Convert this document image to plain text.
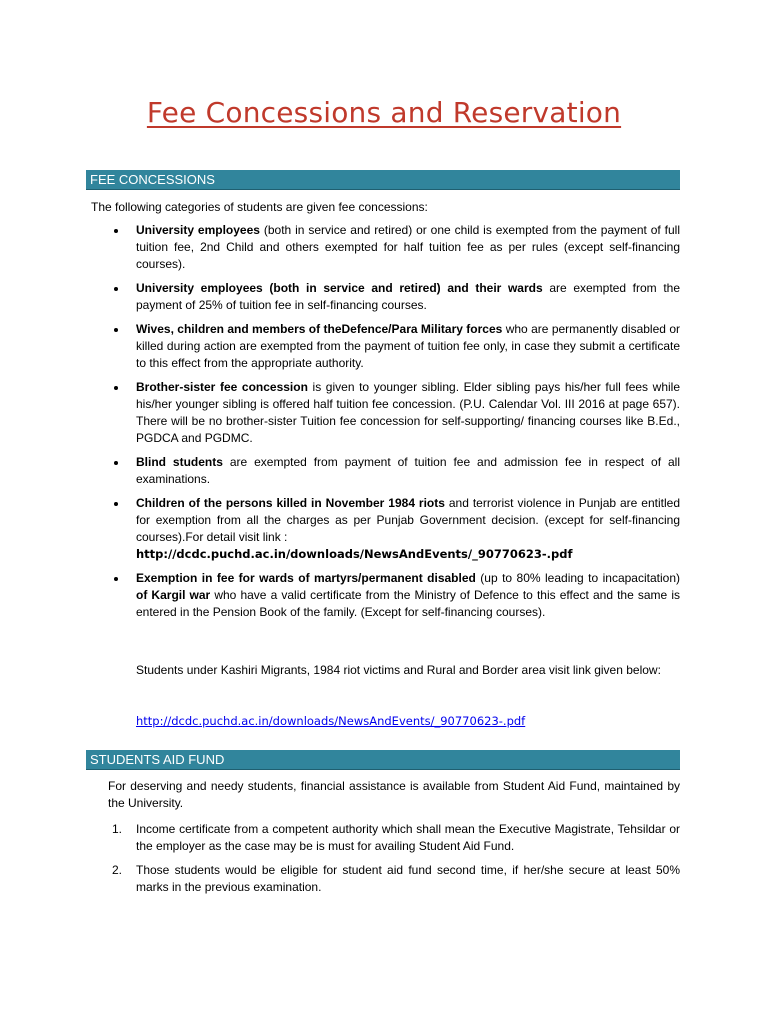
Fee Concessions and Reservation
FEE CONCESSIONS
The following categories of students are given fee concessions:
University employees (both in service and retired) or one child is exempted from the payment of full tuition fee, 2nd Child and others exempted for half tuition fee as per rules (except self-financing courses).
University employees (both in service and retired) and their wards are exempted from the payment of 25% of tuition fee in self-financing courses.
Wives, children and members of theDefence/Para Military forces who are permanently disabled or killed during action are exempted from the payment of tuition fee only, in case they submit a certificate to this effect from the appropriate authority.
Brother-sister fee concession is given to younger sibling. Elder sibling pays his/her full fees while his/her younger sibling is offered half tuition fee concession. (P.U. Calendar Vol. III 2016 at page 657). There will be no brother-sister Tuition fee concession for self-supporting/ financing courses like B.Ed., PGDCA and PGDMC.
Blind students are exempted from payment of tuition fee and admission fee in respect of all examinations.
Children of the persons killed in November 1984 riots and terrorist violence in Punjab are entitled for exemption from all the charges as per Punjab Government decision. (except for self-financing courses).For detail visit link :
http://dcdc.puchd.ac.in/downloads/NewsAndEvents/_90770623-.pdf
Exemption in fee for wards of martyrs/permanent disabled (up to 80% leading to incapacitation) of Kargil war who have a valid certificate from the Ministry of Defence to this effect and the same is entered in the Pension Book of the family. (Except for self-financing courses).
Students under Kashiri Migrants, 1984 riot victims and Rural and Border area visit link given below:
http://dcdc.puchd.ac.in/downloads/NewsAndEvents/_90770623-.pdf
STUDENTS AID FUND
For deserving and needy students, financial assistance is available from Student Aid Fund, maintained by the University.
1. Income certificate from a competent authority which shall mean the Executive Magistrate, Tehsildar or the employer as the case may be is must for availing Student Aid Fund.
2. Those students would be eligible for student aid fund second time, if her/she secure at least 50% marks in the previous examination.
